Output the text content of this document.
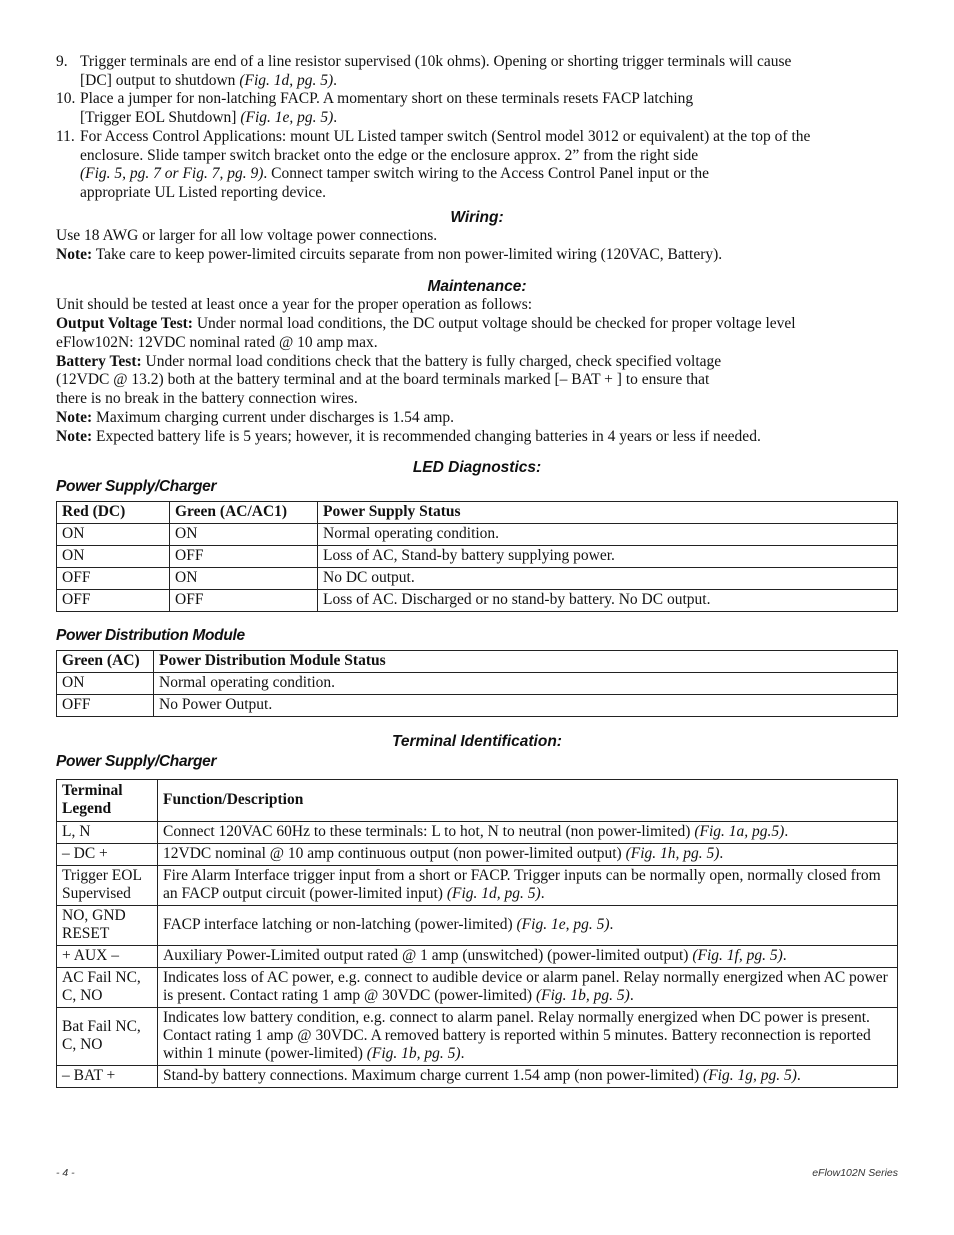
9. Trigger terminals are end of a line resistor supervised (10k ohms). Opening or shorting trigger terminals will cause
[DC] output to shutdown (Fig. 1d, pg. 5).
10. Place a jumper for non-latching FACP. A momentary short on these terminals resets FACP latching
[Trigger EOL Shutdown] (Fig. 1e, pg. 5).
11. For Access Control Applications: mount UL Listed tamper switch (Sentrol model 3012 or equivalent) at the top of the
enclosure. Slide tamper switch bracket onto the edge or the enclosure approx. 2” from the right side
(Fig. 5, pg. 7 or Fig. 7, pg. 9). Connect tamper switch wiring to the Access Control Panel input or the
appropriate UL Listed reporting device.
Wiring:
Use 18 AWG or larger for all low voltage power connections.
Note: Take care to keep power-limited circuits separate from non power-limited wiring (120VAC, Battery).
Maintenance:
Unit should be tested at least once a year for the proper operation as follows:
Output Voltage Test: Under normal load conditions, the DC output voltage should be checked for proper voltage level
eFlow102N: 12VDC nominal rated @ 10 amp max.
Battery Test: Under normal load conditions check that the battery is fully charged, check specified voltage
(12VDC @ 13.2) both at the battery terminal and at the board terminals marked [– BAT + ] to ensure that
there is no break in the battery connection wires.
Note: Maximum charging current under discharges is 1.54 amp.
Note: Expected battery life is 5 years; however, it is recommended changing batteries in 4 years or less if needed.
LED Diagnostics:
Power Supply/Charger
Red (DC)	Green (AC/AC1)	Power Supply Status
ON	ON	Normal operating condition.
ON	OFF	Loss of AC, Stand-by battery supplying power.
OFF	ON	No DC output.
OFF	OFF	Loss of AC. Discharged or no stand-by battery. No DC output.
Power Distribution Module
Green (AC)	Power Distribution Module Status
ON	Normal operating condition.
OFF	No Power Output.
Terminal Identification:
Power Supply/Charger
Terminal Legend	Function/Description
L, N	Connect 120VAC 60Hz to these terminals: L to hot, N to neutral (non power-limited) (Fig. 1a, pg.5).
– DC +	12VDC nominal @ 10 amp continuous output (non power-limited output) (Fig. 1h, pg. 5).
Trigger EOL Supervised	Fire Alarm Interface trigger input from a short or FACP. Trigger inputs can be normally open, normally closed from an FACP output circuit (power-limited input) (Fig. 1d, pg. 5).
NO, GND RESET	FACP interface latching or non-latching (power-limited) (Fig. 1e, pg. 5).
+ AUX –	Auxiliary Power-Limited output rated @ 1 amp (unswitched) (power-limited output) (Fig. 1f, pg. 5).
AC Fail NC, C, NO	Indicates loss of AC power, e.g. connect to audible device or alarm panel. Relay normally energized when AC power is present. Contact rating 1 amp @ 30VDC (power-limited) (Fig. 1b, pg. 5).
Bat Fail NC, C, NO	Indicates low battery condition, e.g. connect to alarm panel. Relay normally energized when DC power is present. Contact rating 1 amp @ 30VDC. A removed battery is reported within 5 minutes. Battery reconnection is reported within 1 minute (power-limited) (Fig. 1b, pg. 5).
– BAT +	Stand-by battery connections. Maximum charge current 1.54 amp (non power-limited) (Fig. 1g, pg. 5).
- 4 -	eFlow102N Series
